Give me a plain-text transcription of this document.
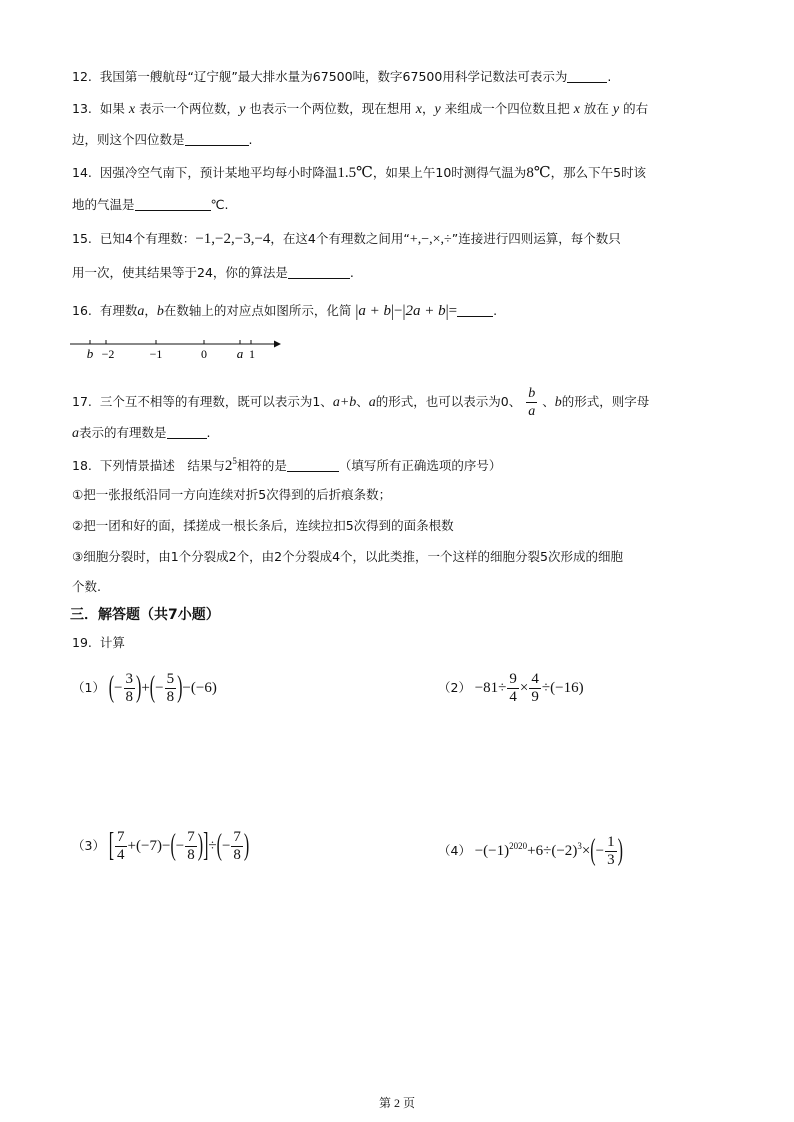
12. 我国第一艘航母“辽宁舰”最大排水量为67500吨，数字67500用科学记数法可表示为	.
13. 如果 x 表示一个两位数，y 也表示一个两位数，现在想用 x，y 来组成一个四位数且把 x 放在 y 的右
边，则这个四位数是	.
14. 因强冷空气南下，预计某地平均每小时降温1.5℃，如果上午10时测得气温为8℃，那么下午5时该
地的气温是	℃.
15. 已知4个有理数：−1,−2,−3,−4，在这4个有理数之间用“+,−,×,÷”连接进行四则运算，每个数只
用一次，使其结果等于24，你的算法是	.
16. 有理数a，b在数轴上的对应点如图所示，化简 |a + b|−|2a + b|=	.
b −2	−1	0 a 1
17. 三个互不相等的有理数，既可以表示为1、a+b、a的形式，也可以表示为0、 $\frac{b}{a}$ 、b的形式，则字母
a表示的有理数是	.
18. 下列情景描述　结果与$2^5$相符的是	（填写所有正确选项的序号）
①把一张报纸沿同一方向连续对折5次得到的后折痕条数；
②把一团和好的面，揉搓成一根长条后，连续拉扣5次得到的面条根数
③细胞分裂时，由1个分裂成2个，由2个分裂成4个，以此类推，一个这样的细胞分裂5次形成的细胞
个数.
三．解答题（共7小题）
19. 计算
（1） (− $\frac{3}{8}$ )+(− $\frac{5}{8} )-(-6)$	$(2) -81\div \frac{9}{4} \times \frac{4}{9} \div(-16)$
（3） [ $\frac{7}{4} +(-7)-(- \frac{7}{8}$ )]÷(− $\frac{7}{8}$ )	$(4) -(-1)^{2020}+6\div(-2)^3\times(- \frac{1}{3}$ )
第 2 页
